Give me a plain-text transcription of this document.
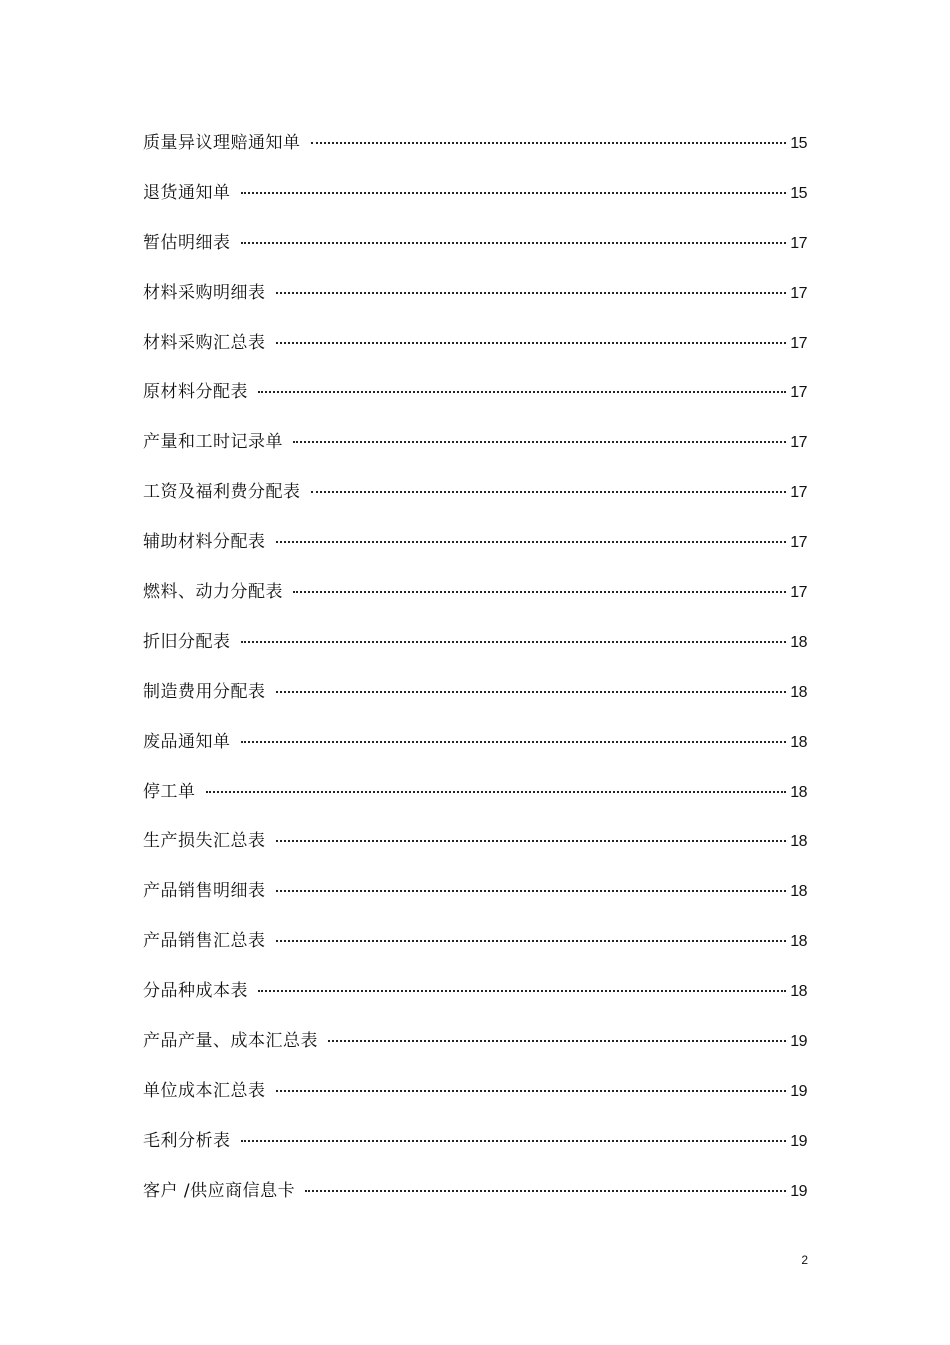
质量异议理赔通知单	15
退货通知单	15
暂估明细表	17
材料采购明细表	17
材料采购汇总表	17
原材料分配表	17
产量和工时记录单	17
工资及福利费分配表	17
辅助材料分配表	17
燃料、动力分配表	17
折旧分配表	18
制造费用分配表	18
废品通知单	18
停工单	18
生产损失汇总表	18
产品销售明细表	18
产品销售汇总表	18
分品种成本表	18
产品产量、成本汇总表	19
单位成本汇总表	19
毛利分析表	19
客户 /供应商信息卡	19
2
